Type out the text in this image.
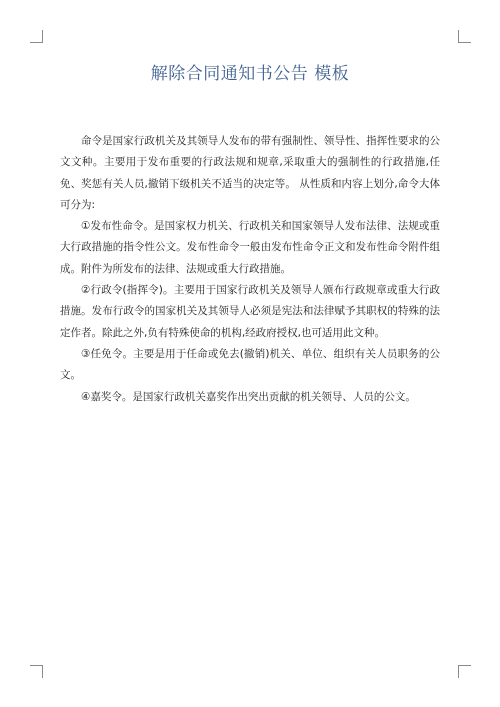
解除合同通知书公告 模板

命令是国家行政机关及其领导人发布的带有强制性、领导性、指挥性要求的公文文种。主要用于发布重要的行政法规和规章,采取重大的强制性的行政措施,任免、奖惩有关人员,撤销下级机关不适当的决定等。 从性质和内容上划分,命令大体可分为:

①发布性命令。是国家权力机关、行政机关和国家领导人发布法律、法规或重大行政措施的指令性公文。发布性命令一般由发布性命令正文和发布性命令附件组成。附件为所发布的法律、法规或重大行政措施。

②行政令(指挥令)。主要用于国家行政机关及领导人颁布行政规章或重大行政措施。发布行政令的国家机关及其领导人必须是宪法和法律赋予其职权的特殊的法定作者。除此之外,负有特殊使命的机构,经政府授权,也可适用此文种。

③任免令。主要是用于任命或免去(撤销)机关、单位、组织有关人员职务的公文。

④嘉奖令。是国家行政机关嘉奖作出突出贡献的机关领导、人员的公文。
